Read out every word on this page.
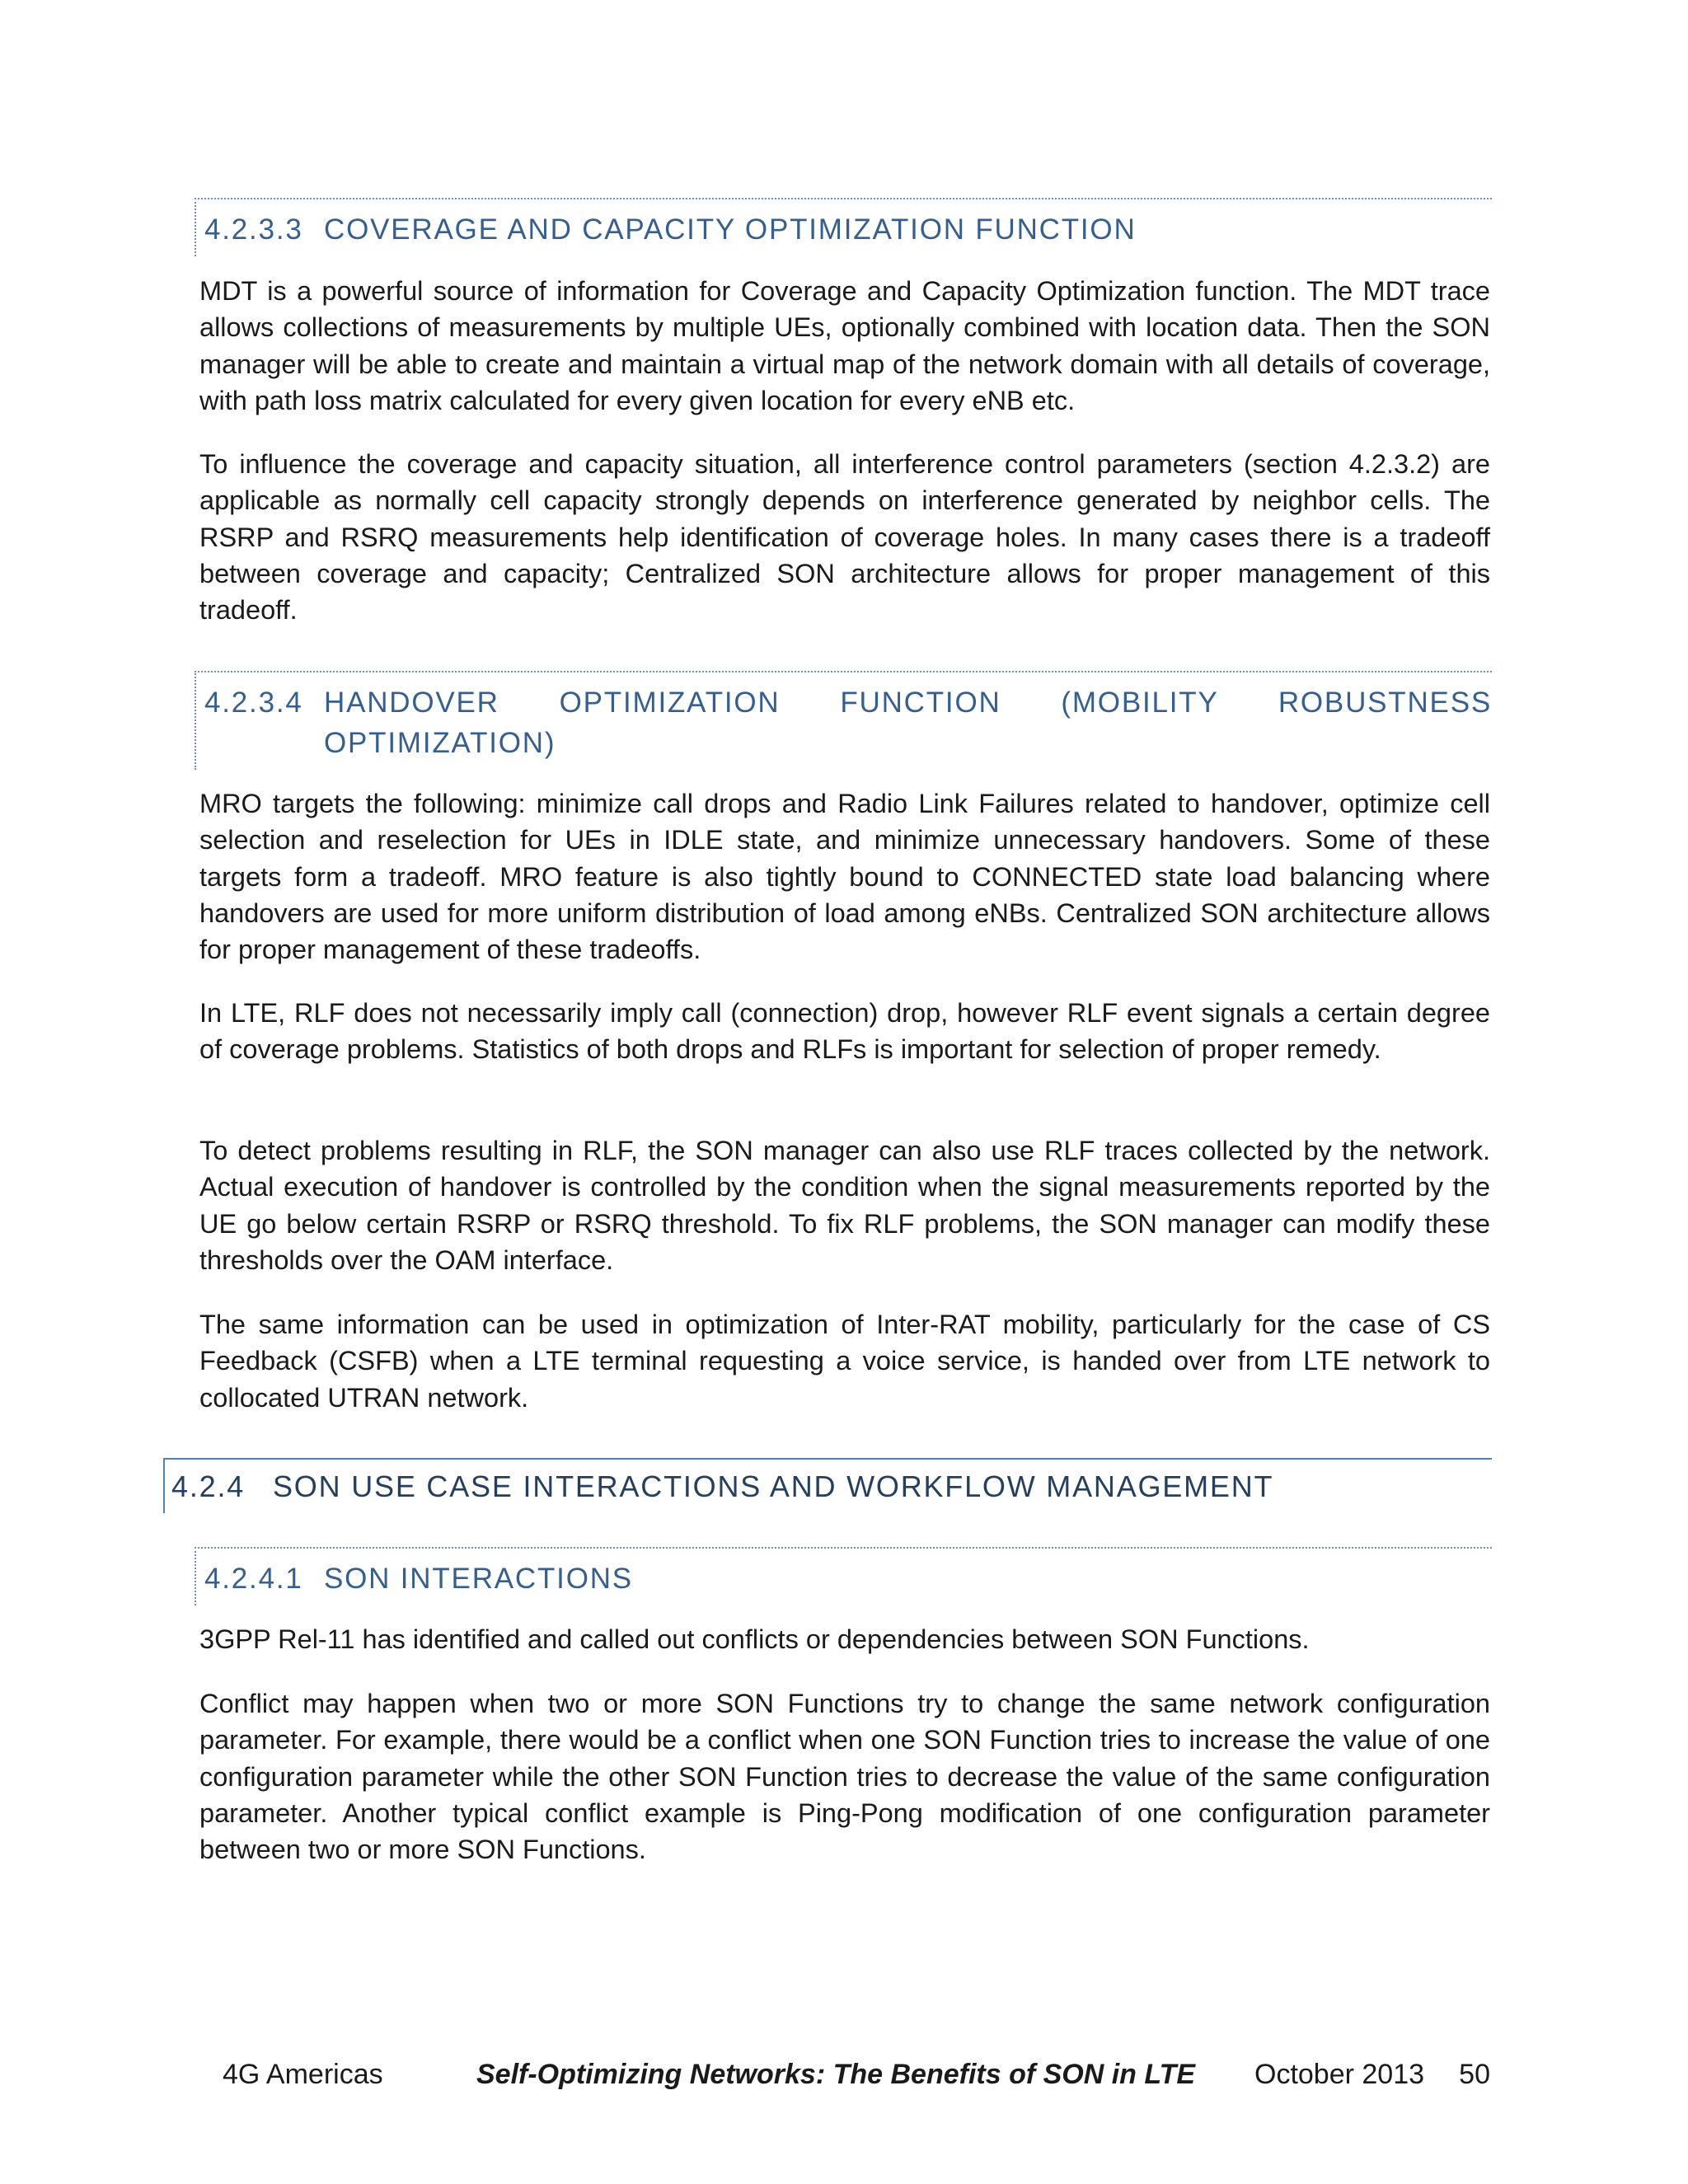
4.2.3.3 COVERAGE AND CAPACITY OPTIMIZATION FUNCTION

MDT is a powerful source of information for Coverage and Capacity Optimization function. The MDT trace allows collections of measurements by multiple UEs, optionally combined with location data. Then the SON manager will be able to create and maintain a virtual map of the network domain with all details of coverage, with path loss matrix calculated for every given location for every eNB etc.

To influence the coverage and capacity situation, all interference control parameters (section 4.2.3.2) are applicable as normally cell capacity strongly depends on interference generated by neighbor cells. The RSRP and RSRQ measurements help identification of coverage holes. In many cases there is a tradeoff between coverage and capacity; Centralized SON architecture allows for proper management of this tradeoff.

4.2.3.4 HANDOVER OPTIMIZATION FUNCTION (MOBILITY ROBUSTNESS OPTIMIZATION)

MRO targets the following: minimize call drops and Radio Link Failures related to handover, optimize cell selection and reselection for UEs in IDLE state, and minimize unnecessary handovers. Some of these targets form a tradeoff. MRO feature is also tightly bound to CONNECTED state load balancing where handovers are used for more uniform distribution of load among eNBs. Centralized SON architecture allows for proper management of these tradeoffs.

In LTE, RLF does not necessarily imply call (connection) drop, however RLF event signals a certain degree of coverage problems. Statistics of both drops and RLFs is important for selection of proper remedy.

To detect problems resulting in RLF, the SON manager can also use RLF traces collected by the network. Actual execution of handover is controlled by the condition when the signal measurements reported by the UE go below certain RSRP or RSRQ threshold. To fix RLF problems, the SON manager can modify these thresholds over the OAM interface.

The same information can be used in optimization of Inter-RAT mobility, particularly for the case of CS Feedback (CSFB) when a LTE terminal requesting a voice service, is handed over from LTE network to collocated UTRAN network.

4.2.4 SON USE CASE INTERACTIONS AND WORKFLOW MANAGEMENT
4.2.4.1 SON INTERACTIONS

3GPP Rel-11 has identified and called out conflicts or dependencies between SON Functions.

Conflict may happen when two or more SON Functions try to change the same network configuration parameter. For example, there would be a conflict when one SON Function tries to increase the value of one configuration parameter while the other SON Function tries to decrease the value of the same configuration parameter. Another typical conflict example is Ping-Pong modification of one configuration parameter between two or more SON Functions.

4G Americas	Self-Optimizing Networks: The Benefits of SON in LTE October 2013 50
